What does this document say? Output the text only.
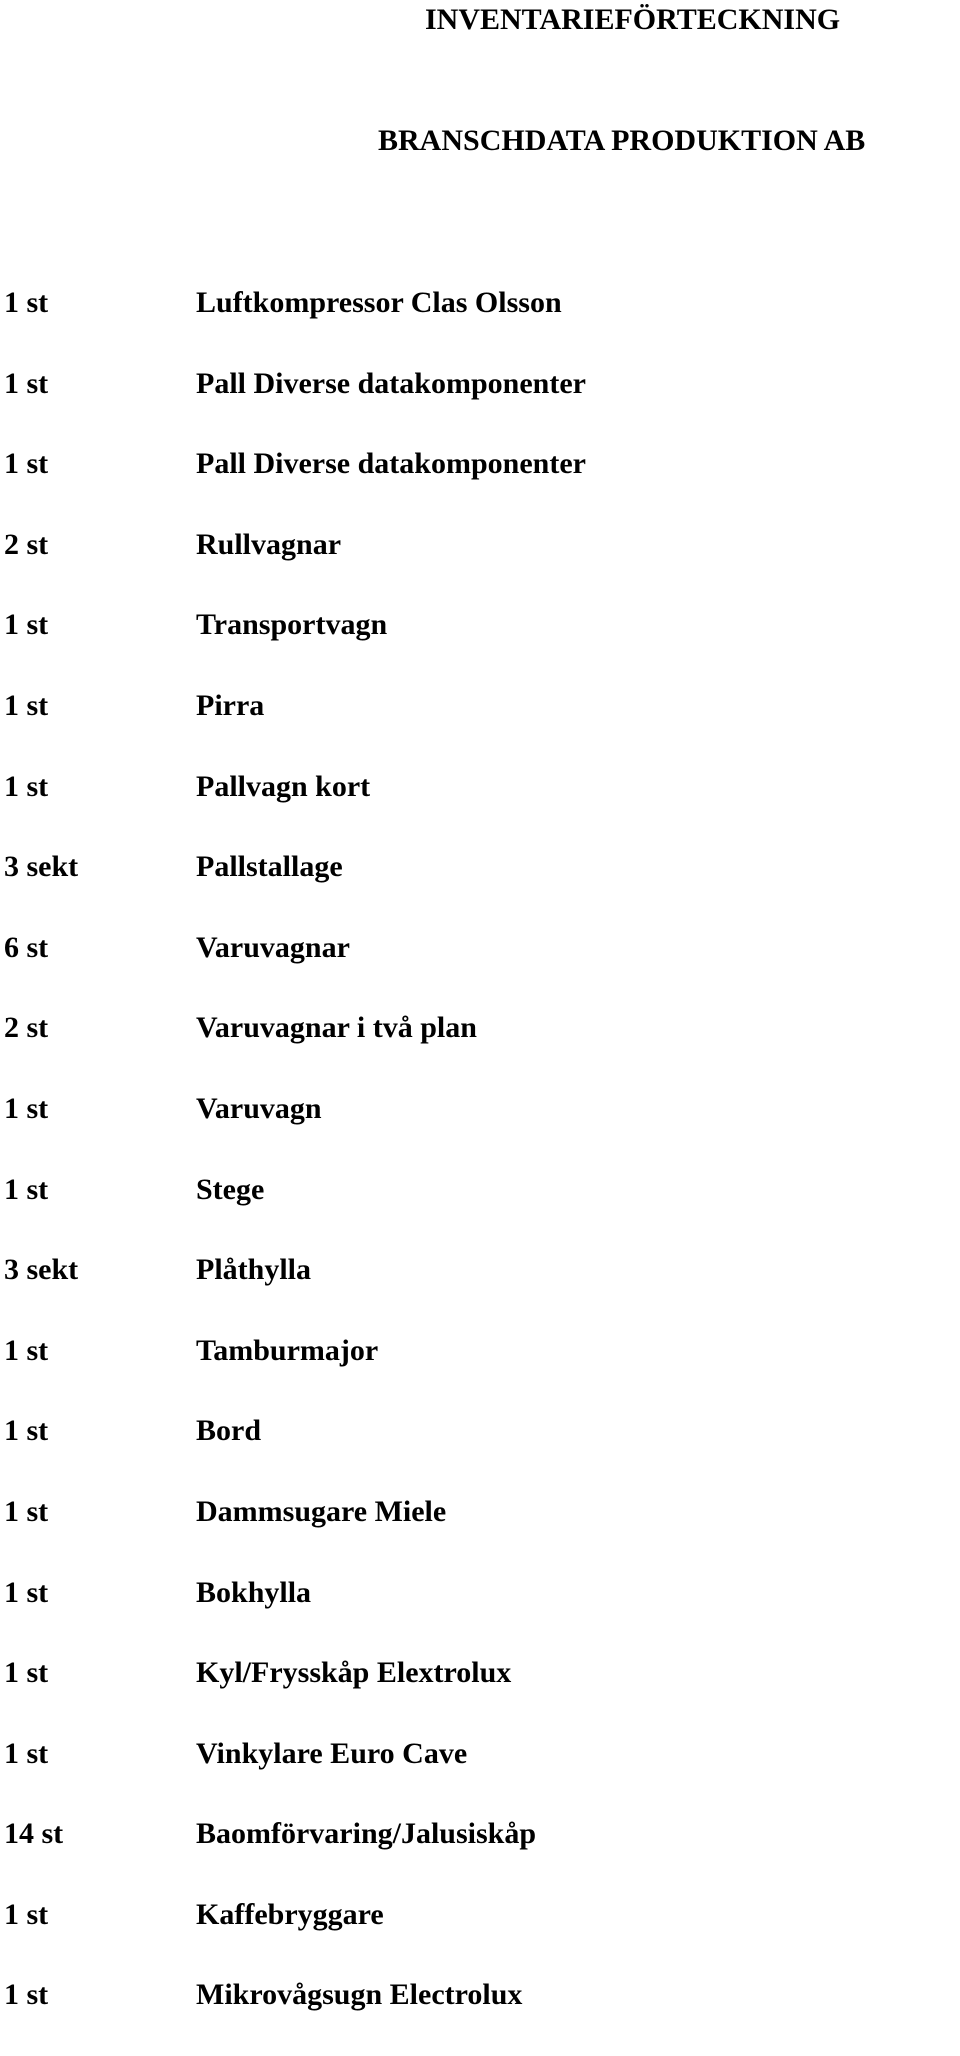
INVENTARIEFÖRTECKNING
BRANSCHDATA PRODUKTION AB
1 st	Luftkompressor Clas Olsson
1 st	Pall Diverse datakomponenter
1 st	Pall Diverse datakomponenter
2 st	Rullvagnar
1 st	Transportvagn
1 st	Pirra
1 st	Pallvagn kort
3 sekt	Pallstallage
6 st	Varuvagnar
2 st	Varuvagnar i två plan
1 st	Varuvagn
1 st	Stege
3 sekt	Plåthylla
1 st	Tamburmajor
1 st	Bord
1 st	Dammsugare Miele
1 st	Bokhylla
1 st	Kyl/Frysskåp Elextrolux
1 st	Vinkylare Euro Cave
14 st	Baomförvaring/Jalusiskåp
1 st	Kaffebryggare
1 st	Mikrovågsugn Electrolux
